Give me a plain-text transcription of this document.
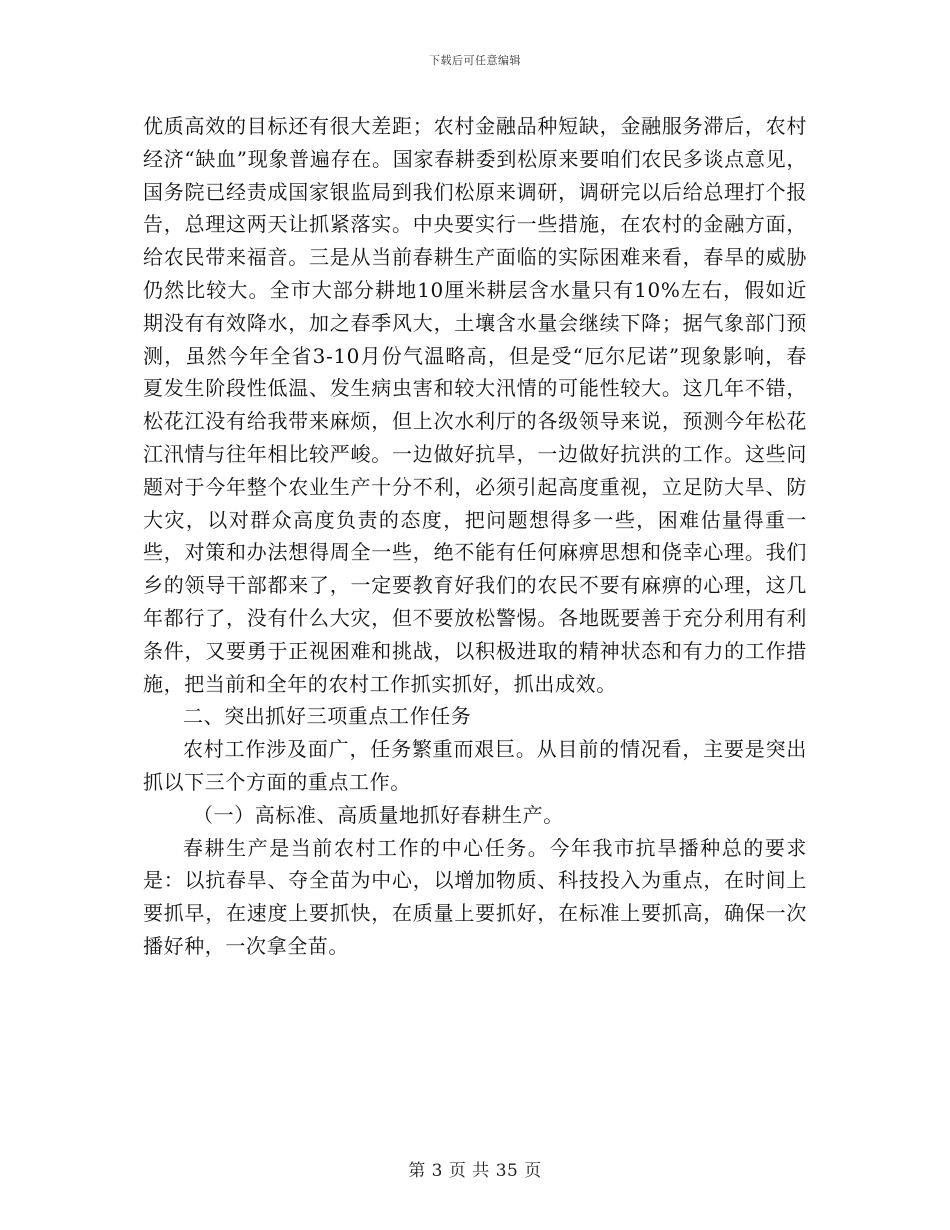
下载后可任意编辑

优质高效的目标还有很大差距；农村金融品种短缺，金融服务滞后，农村经济“缺血”现象普遍存在。国家春耕委到松原来要咱们农民多谈点意见，国务院已经责成国家银监局到我们松原来调研，调研完以后给总理打个报告，总理这两天让抓紧落实。中央要实行一些措施，在农村的金融方面，给农民带来福音。三是从当前春耕生产面临的实际困难来看，春旱的威胁仍然比较大。全市大部分耕地10厘米耕层含水量只有10%左右，假如近期没有有效降水，加之春季风大，土壤含水量会继续下降；据气象部门预测，虽然今年全省3-10月份气温略高，但是受“厄尔尼诺”现象影响，春夏发生阶段性低温、发生病虫害和较大汛情的可能性较大。这几年不错，松花江没有给我带来麻烦，但上次水利厅的各级领导来说，预测今年松花江汛情与往年相比较严峻。一边做好抗旱，一边做好抗洪的工作。这些问题对于今年整个农业生产十分不利，必须引起高度重视，立足防大旱、防大灾，以对群众高度负责的态度，把问题想得多一些，困难估量得重一些，对策和办法想得周全一些，绝不能有任何麻痹思想和侥幸心理。我们乡的领导干部都来了，一定要教育好我们的农民不要有麻痹的心理，这几年都行了，没有什么大灾，但不要放松警惕。各地既要善于充分利用有利条件，又要勇于正视困难和挑战，以积极进取的精神状态和有力的工作措施，把当前和全年的农村工作抓实抓好，抓出成效。

二、突出抓好三项重点工作任务

农村工作涉及面广，任务繁重而艰巨。从目前的情况看，主要是突出抓以下三个方面的重点工作。

（一）高标准、高质量地抓好春耕生产。

春耕生产是当前农村工作的中心任务。今年我市抗旱播种总的要求是：以抗春旱、夺全苗为中心，以增加物质、科技投入为重点，在时间上要抓早，在速度上要抓快，在质量上要抓好，在标准上要抓高，确保一次播好种，一次拿全苗。

第 3 页 共 35 页
